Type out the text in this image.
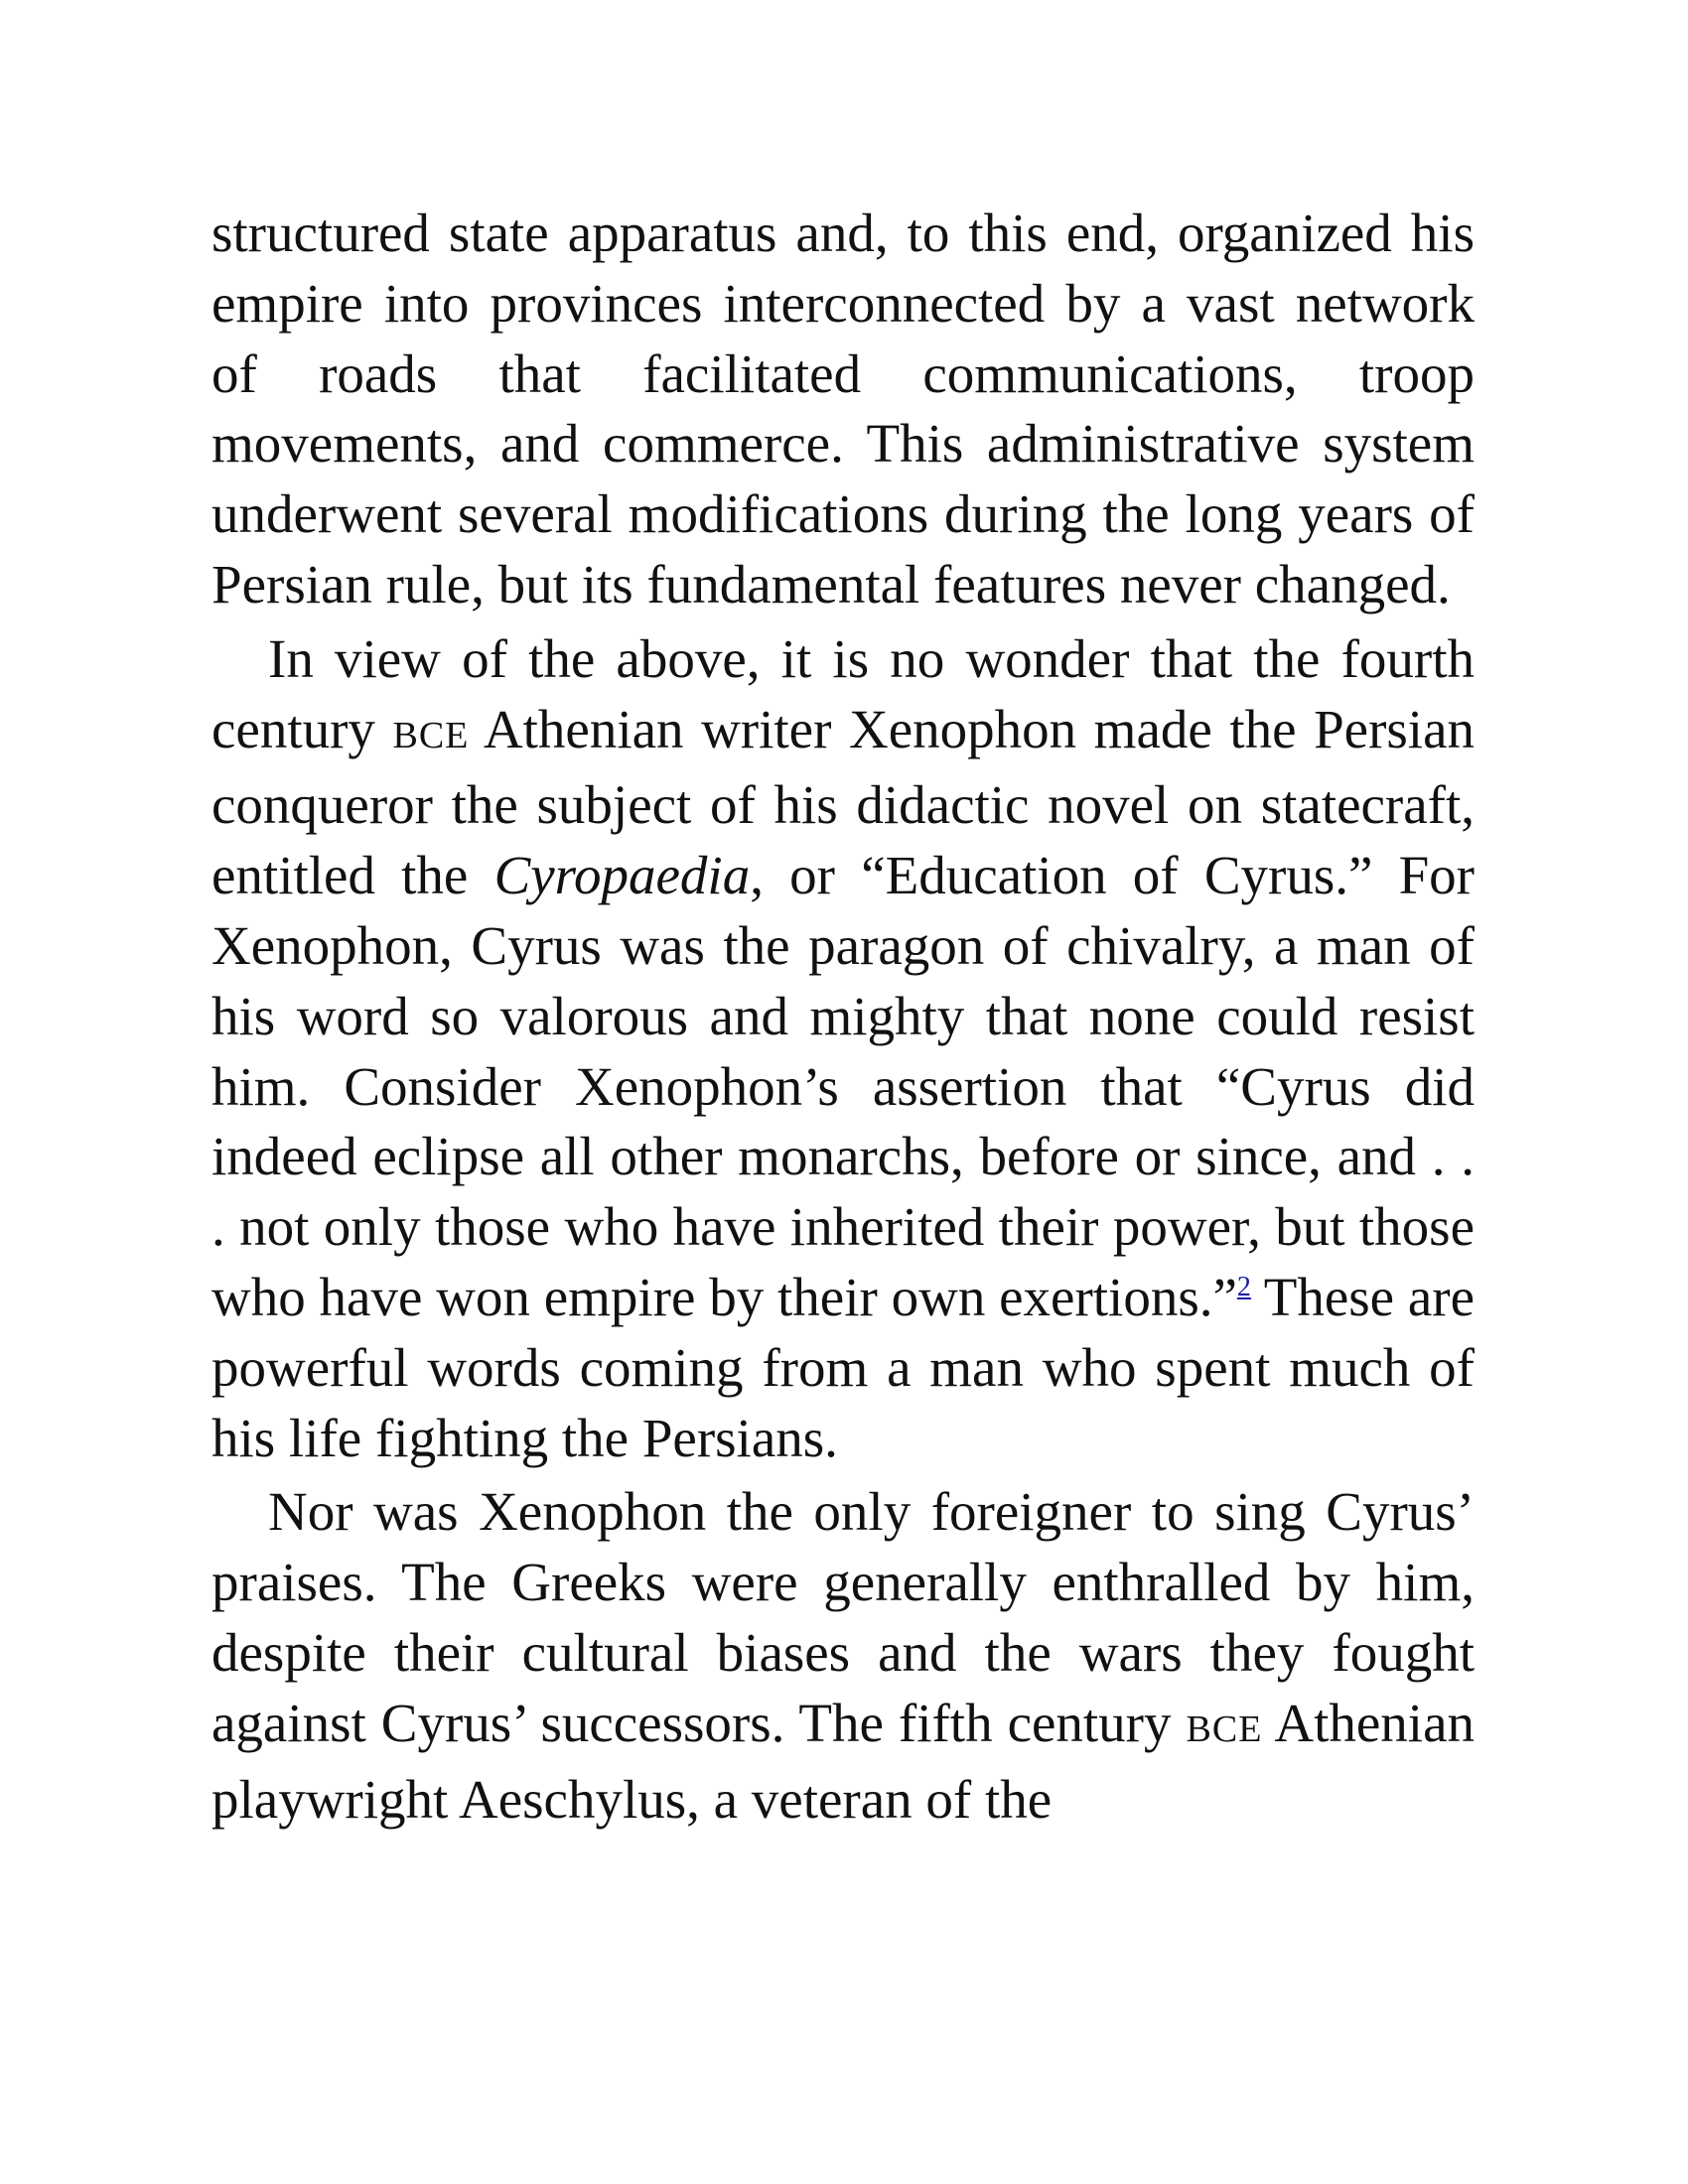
structured state apparatus and, to this end, organized his empire into provinces interconnected by a vast network of roads that facilitated communications, troop movements, and commerce. This administrative system underwent several modifications during the long years of Persian rule, but its fundamental features never changed.

In view of the above, it is no wonder that the fourth century BCE Athenian writer Xenophon made the Persian conqueror the subject of his didactic novel on statecraft, entitled the Cyropaedia, or “Education of Cyrus.” For Xenophon, Cyrus was the paragon of chivalry, a man of his word so valorous and mighty that none could resist him. Consider Xenophon’s assertion that “Cyrus did indeed eclipse all other monarchs, before or since, and . . . not only those who have inherited their power, but those who have won empire by their own exertions.”$^2$ These are powerful words coming from a man who spent much of his life fighting the Persians.

Nor was Xenophon the only foreigner to sing Cyrus’ praises. The Greeks were generally enthralled by him, despite their cultural biases and the wars they fought against Cyrus’ successors. The fifth century BCE Athenian playwright Aeschylus, a veteran of the
